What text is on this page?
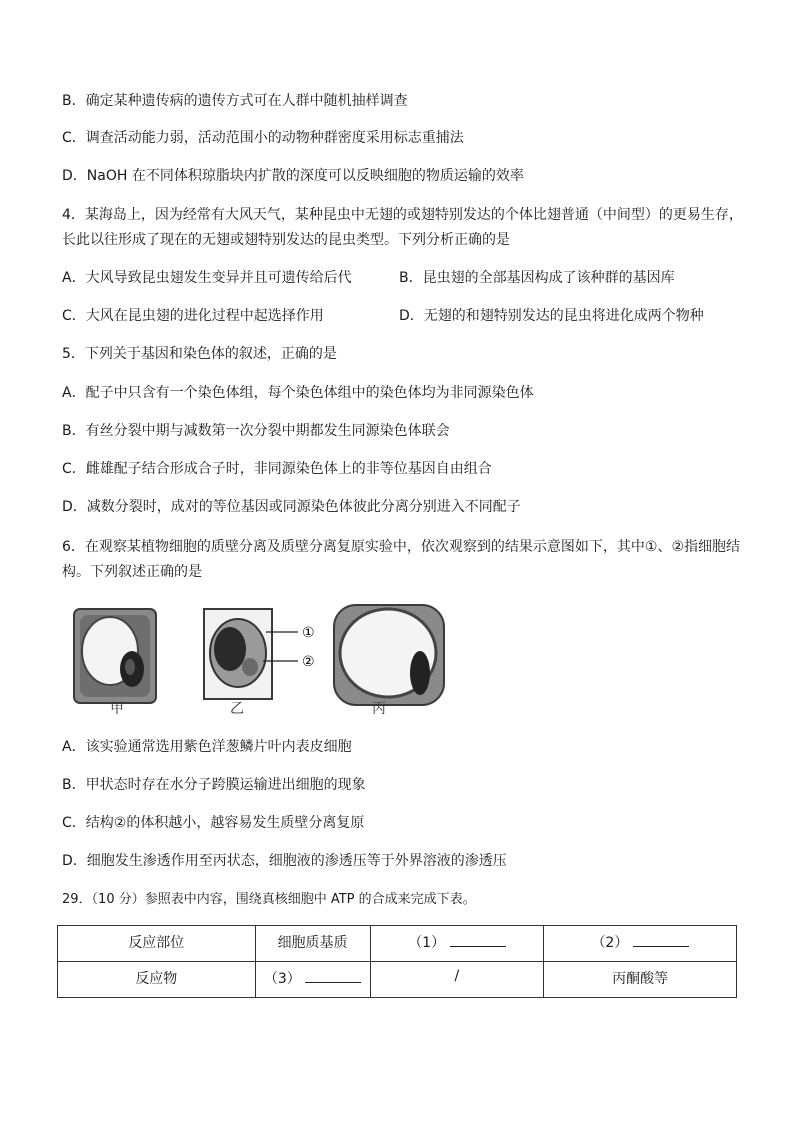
B．确定某种遗传病的遗传方式可在人群中随机抽样调查
C．调查活动能力弱，活动范围小的动物种群密度采用标志重捕法
D．NaOH 在不同体积琼脂块内扩散的深度可以反映细胞的物质运输的效率
4．某海岛上，因为经常有大风天气，某种昆虫中无翅的或翅特别发达的个体比翅普通（中间型）的更易生存，
长此以往形成了现在的无翅或翅特别发达的昆虫类型。下列分析正确的是
A．大风导致昆虫翅发生变异并且可遗传给后代	B．昆虫翅的全部基因构成了该种群的基因库
C．大风在昆虫翅的进化过程中起选择作用	D．无翅的和翅特别发达的昆虫将进化成两个物种
5．下列关于基因和染色体的叙述，正确的是
A．配子中只含有一个染色体组，每个染色体组中的染色体均为非同源染色体
B．有丝分裂中期与减数第一次分裂中期都发生同源染色体联会
C．雌雄配子结合形成合子时，非同源染色体上的非等位基因自由组合
D．减数分裂时，成对的等位基因或同源染色体彼此分离分别进入不同配子
6．在观察某植物细胞的质壁分离及质壁分离复原实验中，依次观察到的结果示意图如下，其中①、②指细胞结
构。下列叙述正确的是
①
②
甲	乙	丙
A．该实验通常选用紫色洋葱鳞片叶内表皮细胞
B．甲状态时存在水分子跨膜运输进出细胞的现象
C．结构②的体积越小，越容易发生质壁分离复原
D．细胞发生渗透作用至丙状态，细胞液的渗透压等于外界溶液的渗透压
29．（10 分）参照表中内容，围绕真核细胞中 ATP 的合成来完成下表。
反应部位	细胞质基质	（1）	（2）
反应物	（3）	/	丙酮酸等
